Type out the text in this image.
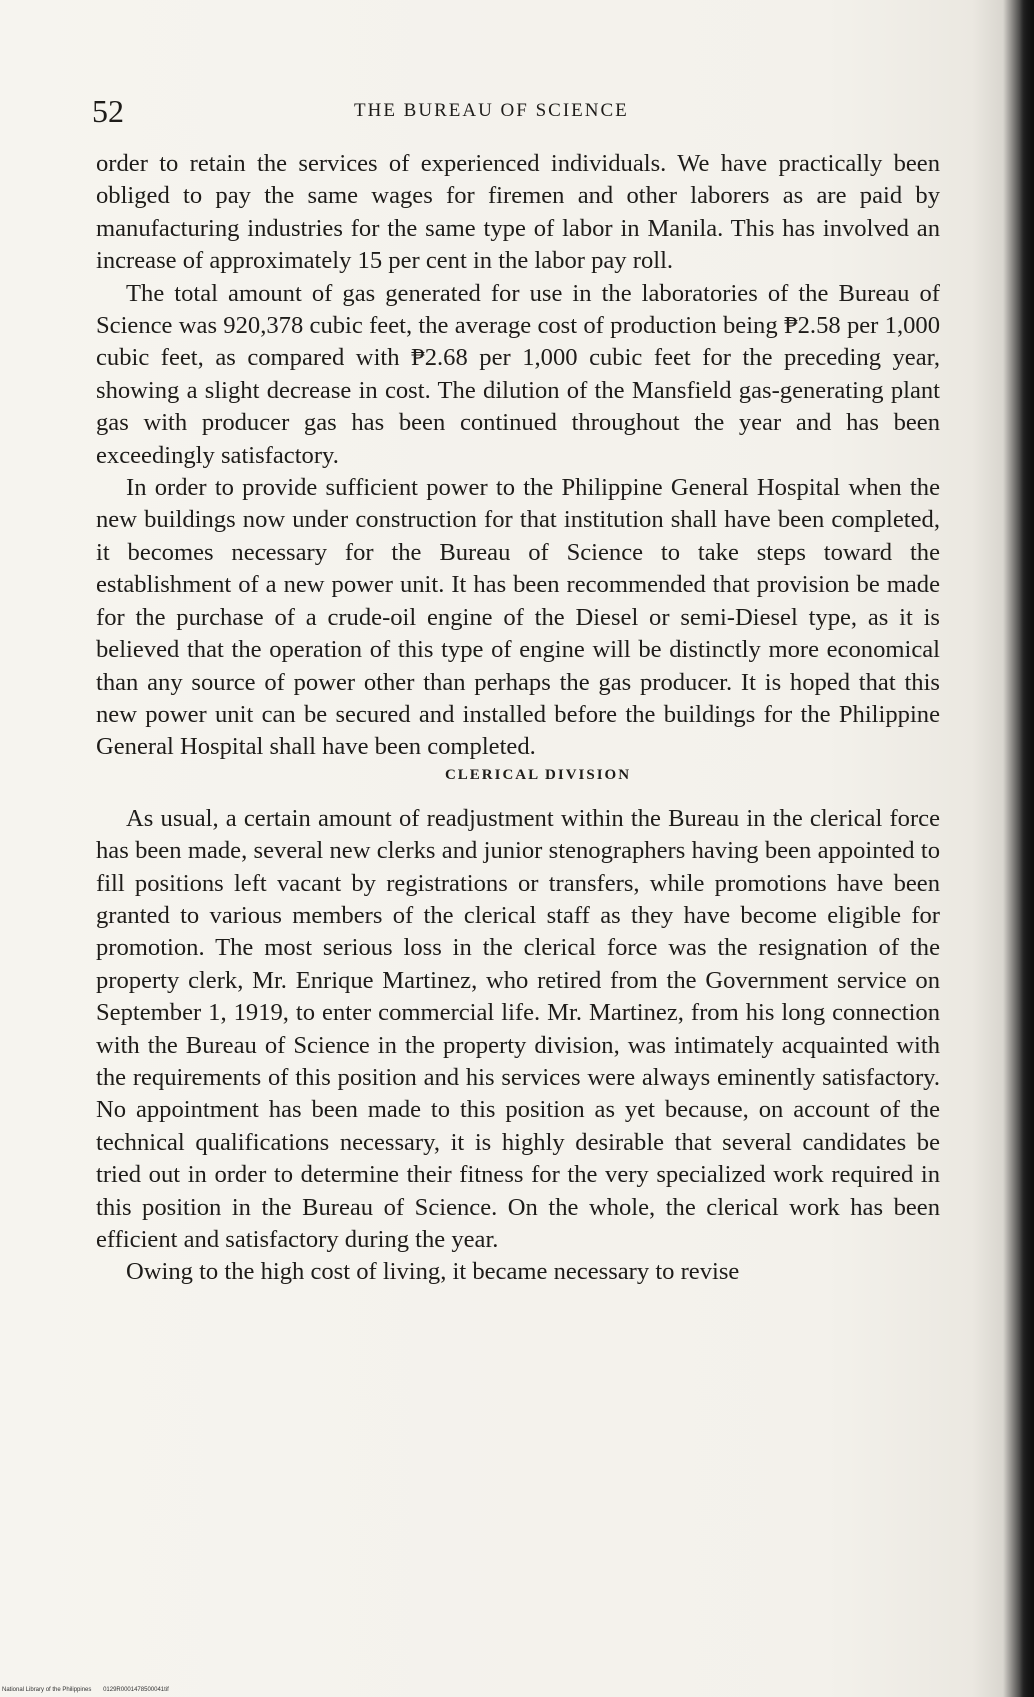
52	THE BUREAU OF SCIENCE

order to retain the services of experienced individuals. We have practically been obliged to pay the same wages for firemen and other laborers as are paid by manufacturing industries for the same type of labor in Manila. This has involved an increase of approximately 15 per cent in the labor pay roll.

The total amount of gas generated for use in the laboratories of the Bureau of Science was 920,378 cubic feet, the average cost of production being ₱2.58 per 1,000 cubic feet, as compared with ₱2.68 per 1,000 cubic feet for the preceding year, showing a slight decrease in cost. The dilution of the Mansfield gas-generating plant gas with producer gas has been continued throughout the year and has been exceedingly satisfactory.

In order to provide sufficient power to the Philippine General Hospital when the new buildings now under construction for that institution shall have been completed, it becomes necessary for the Bureau of Science to take steps toward the establishment of a new power unit. It has been recommended that provision be made for the purchase of a crude-oil engine of the Diesel or semi-Diesel type, as it is believed that the operation of this type of engine will be distinctly more economical than any source of power other than perhaps the gas producer. It is hoped that this new power unit can be secured and installed before the buildings for the Philippine General Hospital shall have been completed.

CLERICAL DIVISION

As usual, a certain amount of readjustment within the Bureau in the clerical force has been made, several new clerks and junior stenographers having been appointed to fill positions left vacant by registrations or transfers, while promotions have been granted to various members of the clerical staff as they have become eligible for promotion. The most serious loss in the clerical force was the resignation of the property clerk, Mr. Enrique Martinez, who retired from the Government service on September 1, 1919, to enter commercial life. Mr. Martinez, from his long connection with the Bureau of Science in the property division, was intimately acquainted with the requirements of this position and his services were always eminently satisfactory. No appointment has been made to this position as yet because, on account of the technical qualifications necessary, it is highly desirable that several candidates be tried out in order to determine their fitness for the very specialized work required in this position in the Bureau of Science. On the whole, the clerical work has been efficient and satisfactory during the year.

Owing to the high cost of living, it became necessary to revise

National Library of the Philippines 0129R0001478500041tif
